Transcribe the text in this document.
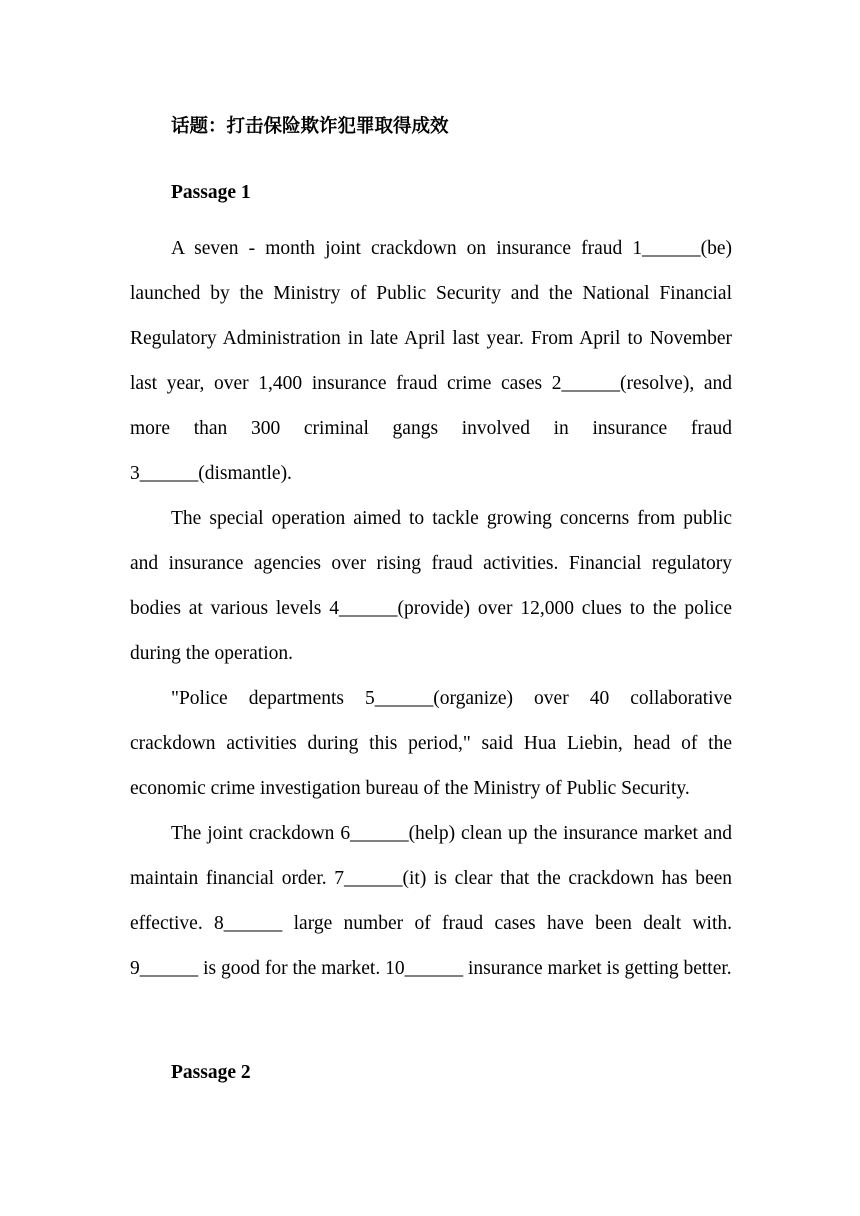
话题：打击保险欺诈犯罪取得成效
Passage 1

A seven - month joint crackdown on insurance fraud 1______(be) launched by the Ministry of Public Security and the National Financial Regulatory Administration in late April last year. From April to November last year, over 1,400 insurance fraud crime cases 2______(resolve), and more than 300 criminal gangs involved in insurance fraud 3______(dismantle).

The special operation aimed to tackle growing concerns from public and insurance agencies over rising fraud activities. Financial regulatory bodies at various levels 4______(provide) over 12,000 clues to the police during the operation.

"Police departments 5______(organize) over 40 collaborative crackdown activities during this period," said Hua Liebin, head of the economic crime investigation bureau of the Ministry of Public Security.

The joint crackdown 6______(help) clean up the insurance market and maintain financial order. 7______(it) is clear that the crackdown has been effective. 8______ large number of fraud cases have been dealt with. 9______ is good for the market. 10______ insurance market is getting better.

Passage 2
